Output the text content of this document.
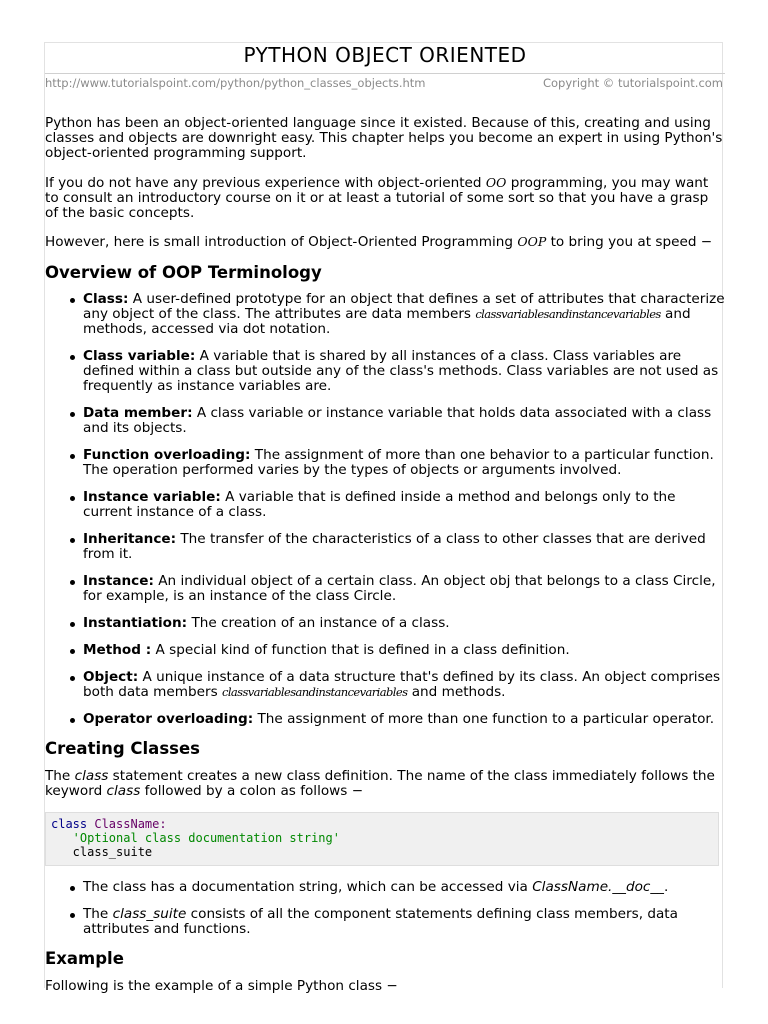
PYTHON OBJECT ORIENTED
http://www.tutorialspoint.com/python/python_classes_objects.htm	Copyright © tutorialspoint.com

Python has been an object-oriented language since it existed. Because of this, creating and using classes and objects are downright easy. This chapter helps you become an expert in using Python's object-oriented programming support.

If you do not have any previous experience with object-oriented OO programming, you may want to consult an introductory course on it or at least a tutorial of some sort so that you have a grasp of the basic concepts.

However, here is small introduction of Object-Oriented Programming OOP to bring you at speed −

Overview of OOP Terminology
Class: A user-defined prototype for an object that defines a set of attributes that characterize any object of the class. The attributes are data members classvariablesandinstancevariables and methods, accessed via dot notation.
Class variable: A variable that is shared by all instances of a class. Class variables are defined within a class but outside any of the class's methods. Class variables are not used as frequently as instance variables are.
Data member: A class variable or instance variable that holds data associated with a class and its objects.
Function overloading: The assignment of more than one behavior to a particular function. The operation performed varies by the types of objects or arguments involved.
Instance variable: A variable that is defined inside a method and belongs only to the current instance of a class.
Inheritance: The transfer of the characteristics of a class to other classes that are derived from it.
Instance: An individual object of a certain class. An object obj that belongs to a class Circle, for example, is an instance of the class Circle.
Instantiation: The creation of an instance of a class.
Method : A special kind of function that is defined in a class definition.
Object: A unique instance of a data structure that's defined by its class. An object comprises both data members classvariablesandinstancevariables and methods.
Operator overloading: The assignment of more than one function to a particular operator.
Creating Classes

The class statement creates a new class definition. The name of the class immediately follows the keyword class followed by a colon as follows −

class ClassName:
'Optional class documentation string'
class_suite
The class has a documentation string, which can be accessed via ClassName.__doc__.
The class_suite consists of all the component statements defining class members, data attributes and functions.
Example

Following is the example of a simple Python class −
